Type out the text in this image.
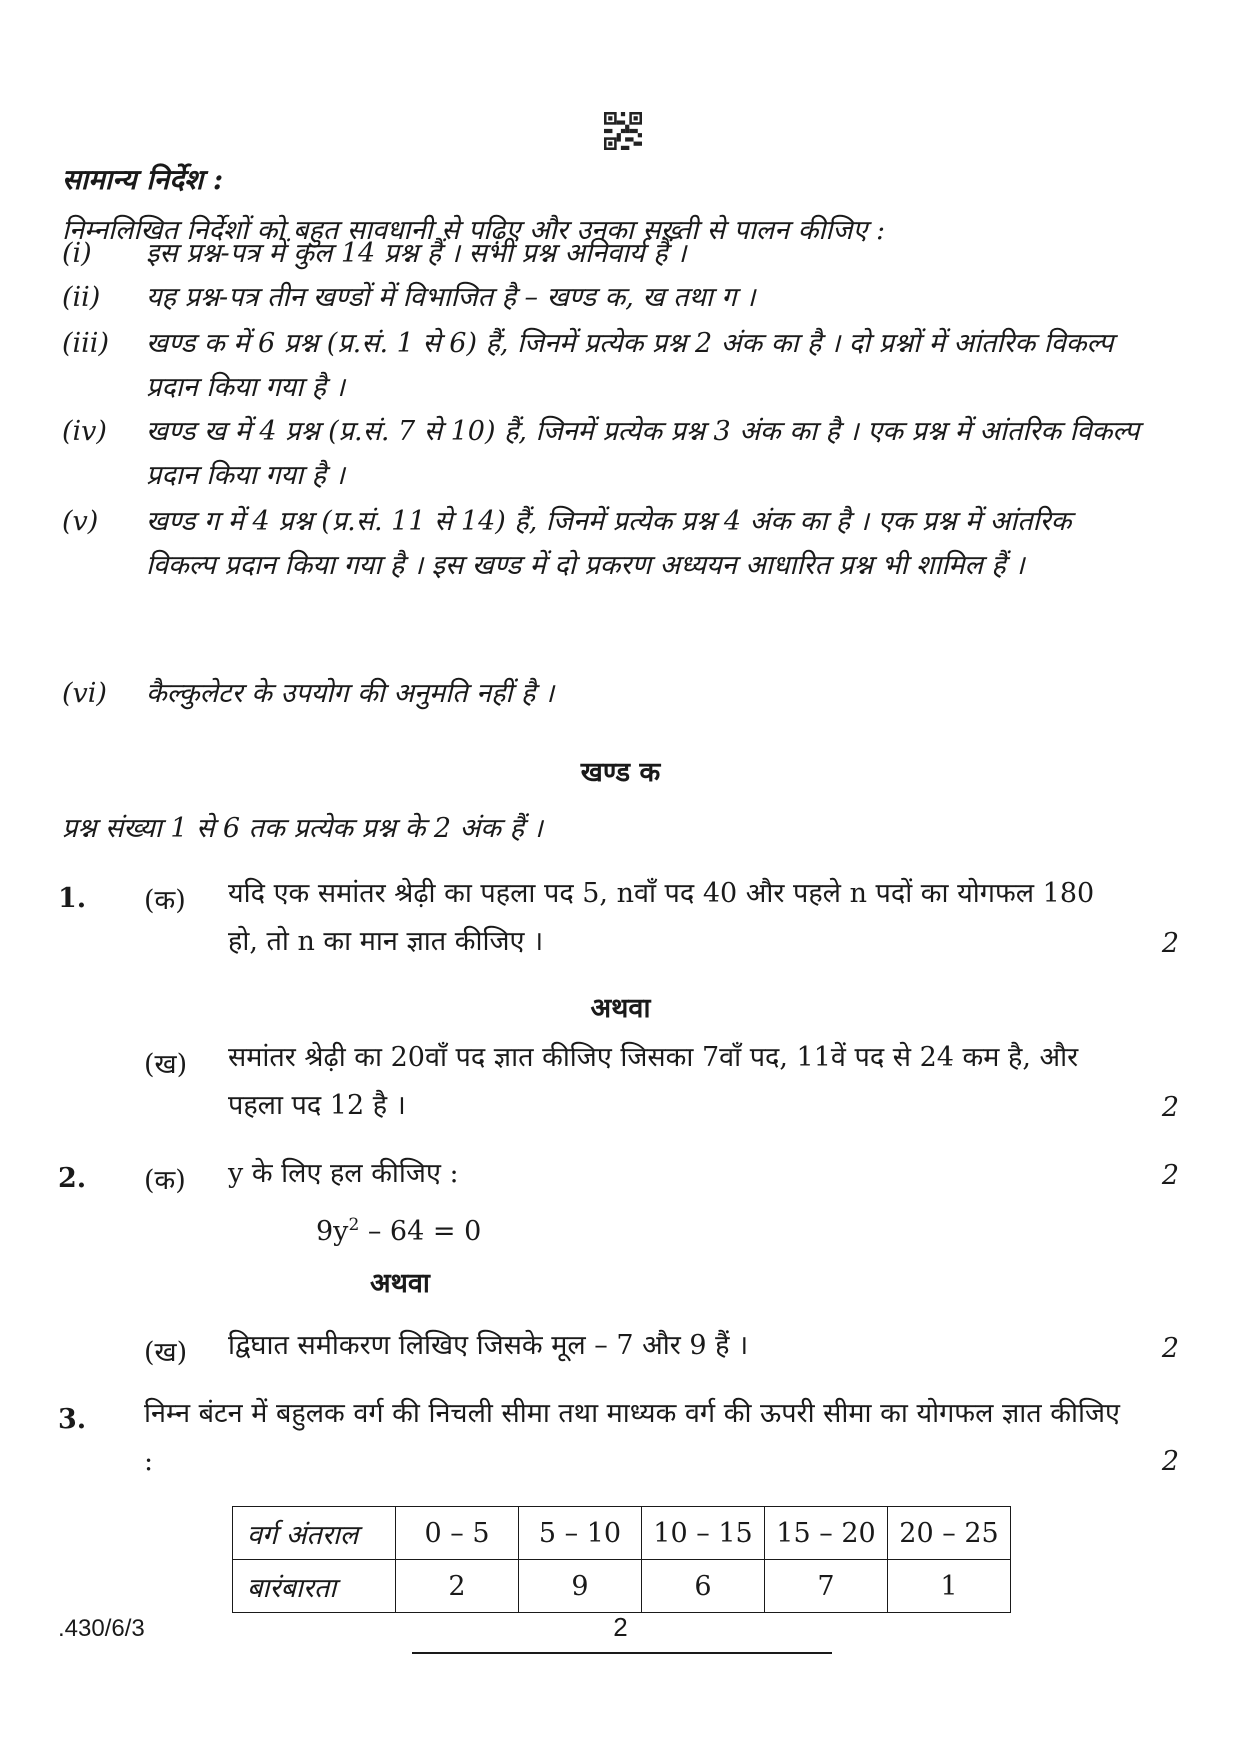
सामान्य निर्देश :
निम्नलिखित निर्देशों को बहुत सावधानी से पढ़िए और उनका सख़्ती से पालन कीजिए :
(i) इस प्रश्न-पत्र में कुल 14 प्रश्न हैं । सभी प्रश्न अनिवार्य हैं ।
(ii) यह प्रश्न-पत्र तीन खण्डों में विभाजित है – खण्ड क, ख तथा ग ।
(iii) खण्ड क में 6 प्रश्न (प्र.सं. 1 से 6) हैं, जिनमें प्रत्येक प्रश्न 2 अंक का है । दो प्रश्नों में आंतरिक विकल्प प्रदान किया गया है ।
(iv) खण्ड ख में 4 प्रश्न (प्र.सं. 7 से 10) हैं, जिनमें प्रत्येक प्रश्न 3 अंक का है । एक प्रश्न में आंतरिक विकल्प प्रदान किया गया है ।
(v) खण्ड ग में 4 प्रश्न (प्र.सं. 11 से 14) हैं, जिनमें प्रत्येक प्रश्न 4 अंक का है । एक प्रश्न में आंतरिक विकल्प प्रदान किया गया है । इस खण्ड में दो प्रकरण अध्ययन आधारित प्रश्न भी शामिल हैं ।
(vi) कैल्कुलेटर के उपयोग की अनुमति नहीं है ।
खण्ड क
प्रश्न संख्या 1 से 6 तक प्रत्येक प्रश्न के 2 अंक हैं ।
1. (क) यदि एक समांतर श्रेढ़ी का पहला पद 5, nवाँ पद 40 और पहले n पदों का योगफल 180 हो, तो n का मान ज्ञात कीजिए ।	2
अथवा
(ख) समांतर श्रेढ़ी का 20वाँ पद ज्ञात कीजिए जिसका 7वाँ पद, 11वें पद से 24 कम है, और पहला पद 12 है ।	2
2. (क) y के लिए हल कीजिए :	2
$9y^2 - 64 = 0$
अथवा
(ख) द्विघात समीकरण लिखिए जिसके मूल – 7 और 9 हैं ।	2
3. निम्न बंटन में बहुलक वर्ग की निचली सीमा तथा माध्यक वर्ग की ऊपरी सीमा का योगफल ज्ञात कीजिए :	2
वर्ग अंतराल	0 – 5	5 – 10	10 – 15	15 – 20	20 – 25
बारंबारता	2	9	6	7	1
.430/6/3	2
